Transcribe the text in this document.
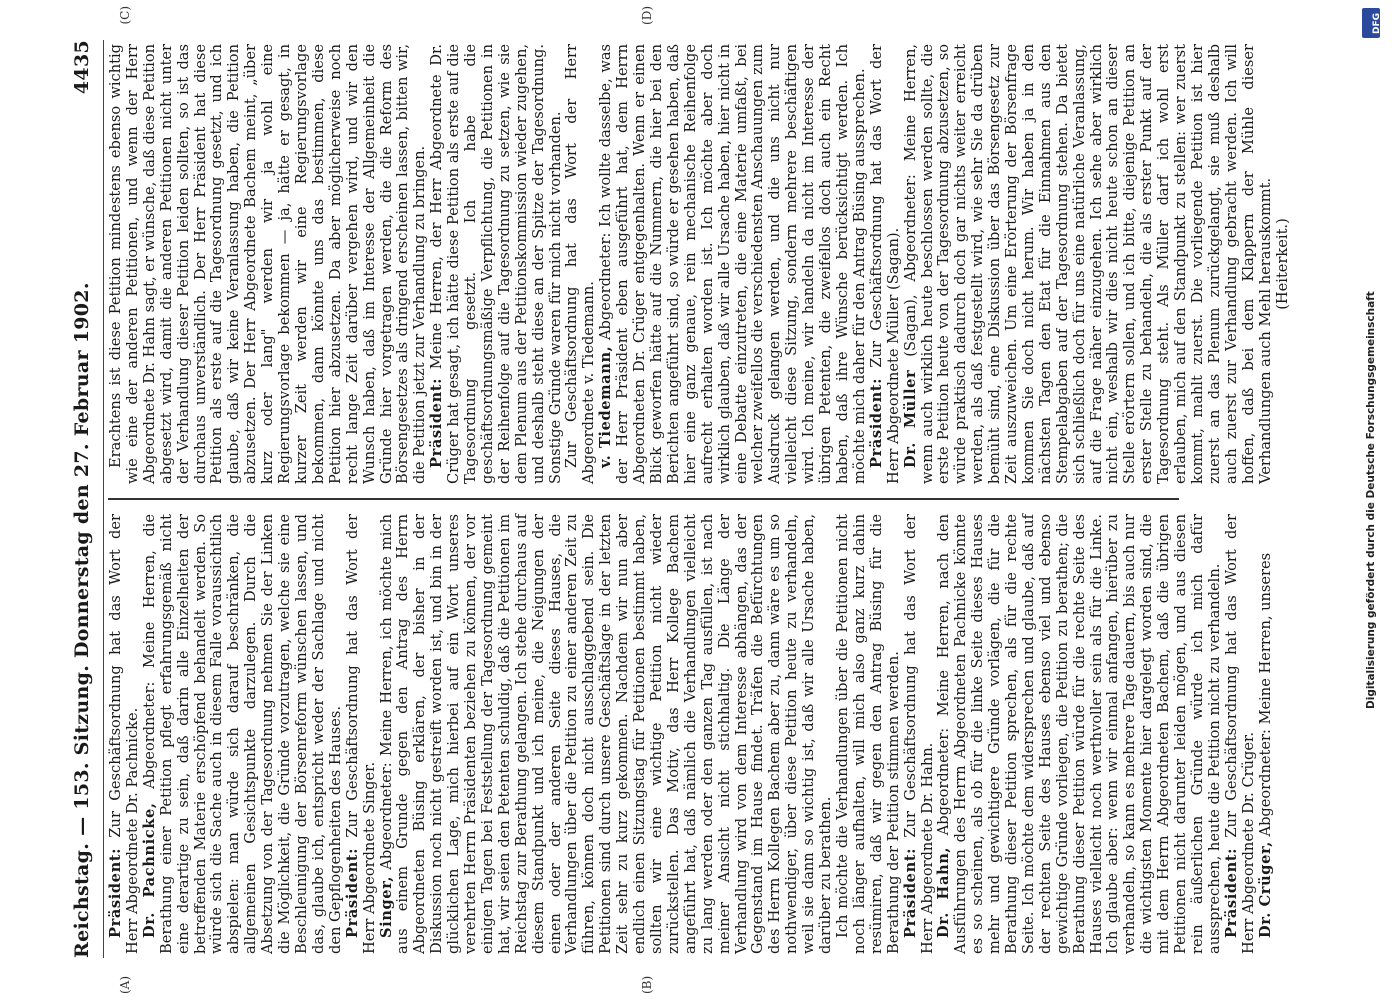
Reichstag. — 153. Sitzung. Donnerstag den 27. Februar 1902.
4435
(A)	(B)
(C)	(D)

Präsident: Zur Geschäftsordnung hat das Wort der Herr Abgeordnete Dr. Pachnicke. Dr. Pachnicke, Abgeordneter: Meine Herren, die Berathung einer Petition pflegt erfahrungsgemäß nicht eine derartige zu sein, daß darin alle Einzelheiten der betreffenden Materie erschöpfend behandelt werden. So würde sich die Sache auch in diesem Falle voraussichtlich abspielen: man würde sich darauf beschränken, die allgemeinen Gesichtspunkte darzulegen. Durch die Absetzung von der Tagesordnung nehmen Sie der Linken die Möglichkeit, die Gründe vorzutragen, welche sie eine Beschleunigung der Börsenreform wünschen lassen, und das, glaube ich, entspricht weder der Sachlage und nicht den Gepflogenheiten des Hauses. Präsident: Zur Geschäftsordnung hat das Wort der Herr Abgeordnete Singer. Singer, Abgeordneter: Meine Herren, ich möchte mich aus einem Grunde gegen den Antrag des Herrn Abgeordneten Büsing erklären, der bisher in der Diskussion noch nicht gestreift worden ist, und bin in der glücklichen Lage, mich hierbei auf ein Wort unseres verehrten Herrn Präsidenten beziehen zu können, der vor einigen Tagen bei Feststellung der Tagesordnung gemeint hat, wir seien den Petenten schuldig, daß die Petitionen im Reichstag zur Berathung gelangen. Ich stehe durchaus auf diesem Standpunkt und ich meine, die Neigungen der einen oder der anderen Seite dieses Hauses, die Verhandlungen über die Petition zu einer anderen Zeit zu führen, können doch nicht ausschlaggebend sein. Die Petitionen sind durch unsere Geschäftslage in der letzten Zeit sehr zu kurz gekommen. Nachdem wir nun aber endlich einen Sitzungstag für Petitionen bestimmt haben, sollten wir eine wichtige Petition nicht wieder zurückstellen. Das Motiv, das Herr Kollege Bachem angeführt hat, daß nämlich die Verhandlungen vielleicht zu lang werden oder den ganzen Tag ausfüllen, ist nach meiner Ansicht nicht stichhaltig. Die Länge der Verhandlung wird von dem Interesse abhängen, das der Gegenstand im Hause findet. Träfen die Befürchtungen des Herrn Kollegen Bachem aber zu, dann wäre es um so nothwendiger, über diese Petition heute zu verhandeln, weil sie dann so wichtig ist, daß wir alle Ursache haben, darüber zu berathen. Ich möchte die Verhandlungen über die Petitionen nicht noch länger aufhalten, will mich also ganz kurz dahin resümiren, daß wir gegen den Antrag Büsing für die Berathung der Petition stimmen werden. Präsident: Zur Geschäftsordnung hat das Wort der Herr Abgeordnete Dr. Hahn. Dr. Hahn, Abgeordneter: Meine Herren, nach den Ausführungen des Herrn Abgeordneten Pachnicke könnte es so scheinen, als ob für die linke Seite dieses Hauses mehr und gewichtigere Gründe vorlägen, die für die Berathung dieser Petition sprechen, als für die rechte Seite. Ich möchte dem widersprechen und glaube, daß auf der rechten Seite des Hauses ebenso viel und ebenso gewichtige Gründe vorliegen, die Petition zu berathen; die Berathung dieser Petition würde für die rechte Seite des Hauses vielleicht noch werthvoller sein als für die Linke. Ich glaube aber: wenn wir einmal anfangen, hierüber zu verhandeln, so kann es mehrere Tage dauern, bis auch nur die wichtigsten Momente hier dargelegt worden sind, die mit dem Herrn Abgeordneten Bachem, daß die übrigen Petitionen nicht darunter leiden mögen, und aus diesen rein äußerlichen Gründe würde ich mich dafür aussprechen, heute die Petition nicht zu verhandeln. Präsident: Zur Geschäftsordnung hat das Wort der Herr Abgeordnete Dr. Crüger. Dr. Crüger, Abgeordneter: Meine Herren, unseres

Erachtens ist diese Petition mindestens ebenso wichtig wie eine der anderen Petitionen, und wenn der Herr Abgeordnete Dr. Hahn sagt, er wünsche, daß diese Petition abgesetzt wird, damit die anderen Petitionen nicht unter der Verhandlung dieser Petition leiden sollten, so ist das durchaus unverständlich. Der Herr Präsident hat diese Petition als erste auf die Tagesordnung gesetzt, und ich glaube, daß wir keine Veranlassung haben, die Petition abzusetzen. Der Herr Abgeordnete Bachem meint, „über kurz oder lang" werden wir ja wohl eine Regierungsvorlage bekommen — ja, hätte er gesagt, in kurzer Zeit werden wir eine Regierungsvorlage bekommen, dann könnte uns das bestimmen, diese Petition hier abzusetzen. Da aber möglicherweise noch recht lange Zeit darüber vergehen wird, und wir den Wunsch haben, daß im Interesse der Allgemeinheit die Gründe hier vorgetragen werden, die die Reform des Börsengesetzes als dringend erscheinen lassen, bitten wir, die Petition jetzt zur Verhandlung zu bringen. Präsident: Meine Herren, der Herr Abgeordnete Dr. Crüger hat gesagt, ich hätte diese Petition als erste auf die Tagesordnung gesetzt. Ich habe die geschäftsordnungsmäßige Verpflichtung, die Petitionen in der Reihenfolge auf die Tagesordnung zu setzen, wie sie dem Plenum aus der Petitionskommission wieder zugehen, und deshalb steht diese an der Spitze der Tagesordnung. Sonstige Gründe waren für mich nicht vorhanden. Zur Geschäftsordnung hat das Wort der Herr Abgeordnete v. Tiedemann. v. Tiedemann, Abgeordneter: Ich wollte dasselbe, was der Herr Präsident eben ausgeführt hat, dem Herrn Abgeordneten Dr. Crüger entgegenhalten. Wenn er einen Blick geworfen hätte auf die Nummern, die hier bei den Berichten angeführt sind, so würde er gesehen haben, daß hier eine ganz genaue, rein mechanische Reihenfolge aufrecht erhalten worden ist. Ich möchte aber doch wirklich glauben, daß wir alle Ursache haben, hier nicht in eine Debatte einzutreten, die eine Materie umfaßt, bei welcher zweifellos die verschiedensten Anschauungen zum Ausdruck gelangen werden, und die uns nicht nur vielleicht diese Sitzung, sondern mehrere beschäftigen wird. Ich meine, wir handeln da nicht im Interesse der übrigen Petenten, die zweifellos doch auch ein Recht haben, daß ihre Wünsche berücksichtigt werden. Ich möchte mich daher für den Antrag Büsing aussprechen. Präsident: Zur Geschäftsordnung hat das Wort der Herr Abgeordnete Müller (Sagan). Dr. Müller (Sagan), Abgeordneter: Meine Herren, wenn auch wirklich heute beschlossen werden sollte, die erste Petition heute von der Tagesordnung abzusetzen, so würde praktisch dadurch doch gar nichts weiter erreicht werden, als daß festgestellt wird, wie sehr Sie da drüben bemüht sind, eine Diskussion über das Börsengesetz zur Zeit auszuweichen. Um eine Erörterung der Börsenfrage kommen Sie doch nicht herum. Wir haben ja in den nächsten Tagen den Etat für die Einnahmen aus den Stempelabgaben auf der Tagesordnung stehen. Da bietet sich schließlich doch für uns eine natürliche Veranlassung, auf die Frage näher einzugehen. Ich sehe aber wirklich nicht ein, weshalb wir dies nicht heute schon an dieser Stelle erörtern sollen, und ich bitte, diejenige Petition an erster Stelle zu behandeln, die als erster Punkt auf der Tagesordnung steht. Als Müller darf ich wohl erst erlauben, mich auf den Standpunkt zu stellen: wer zuerst kommt, mahlt zuerst. Die vorliegende Petition ist hier zuerst an das Plenum zurückgelangt, sie muß deshalb auch zuerst zur Verhandlung gebracht werden. Ich will hoffen, daß bei dem Klappern der Mühle dieser Verhandlungen auch Mehl herauskommt. (Heiterkeit.)

Digitalisierung gefördert durch die Deutsche Forschungsgemeinschaft
DFG
